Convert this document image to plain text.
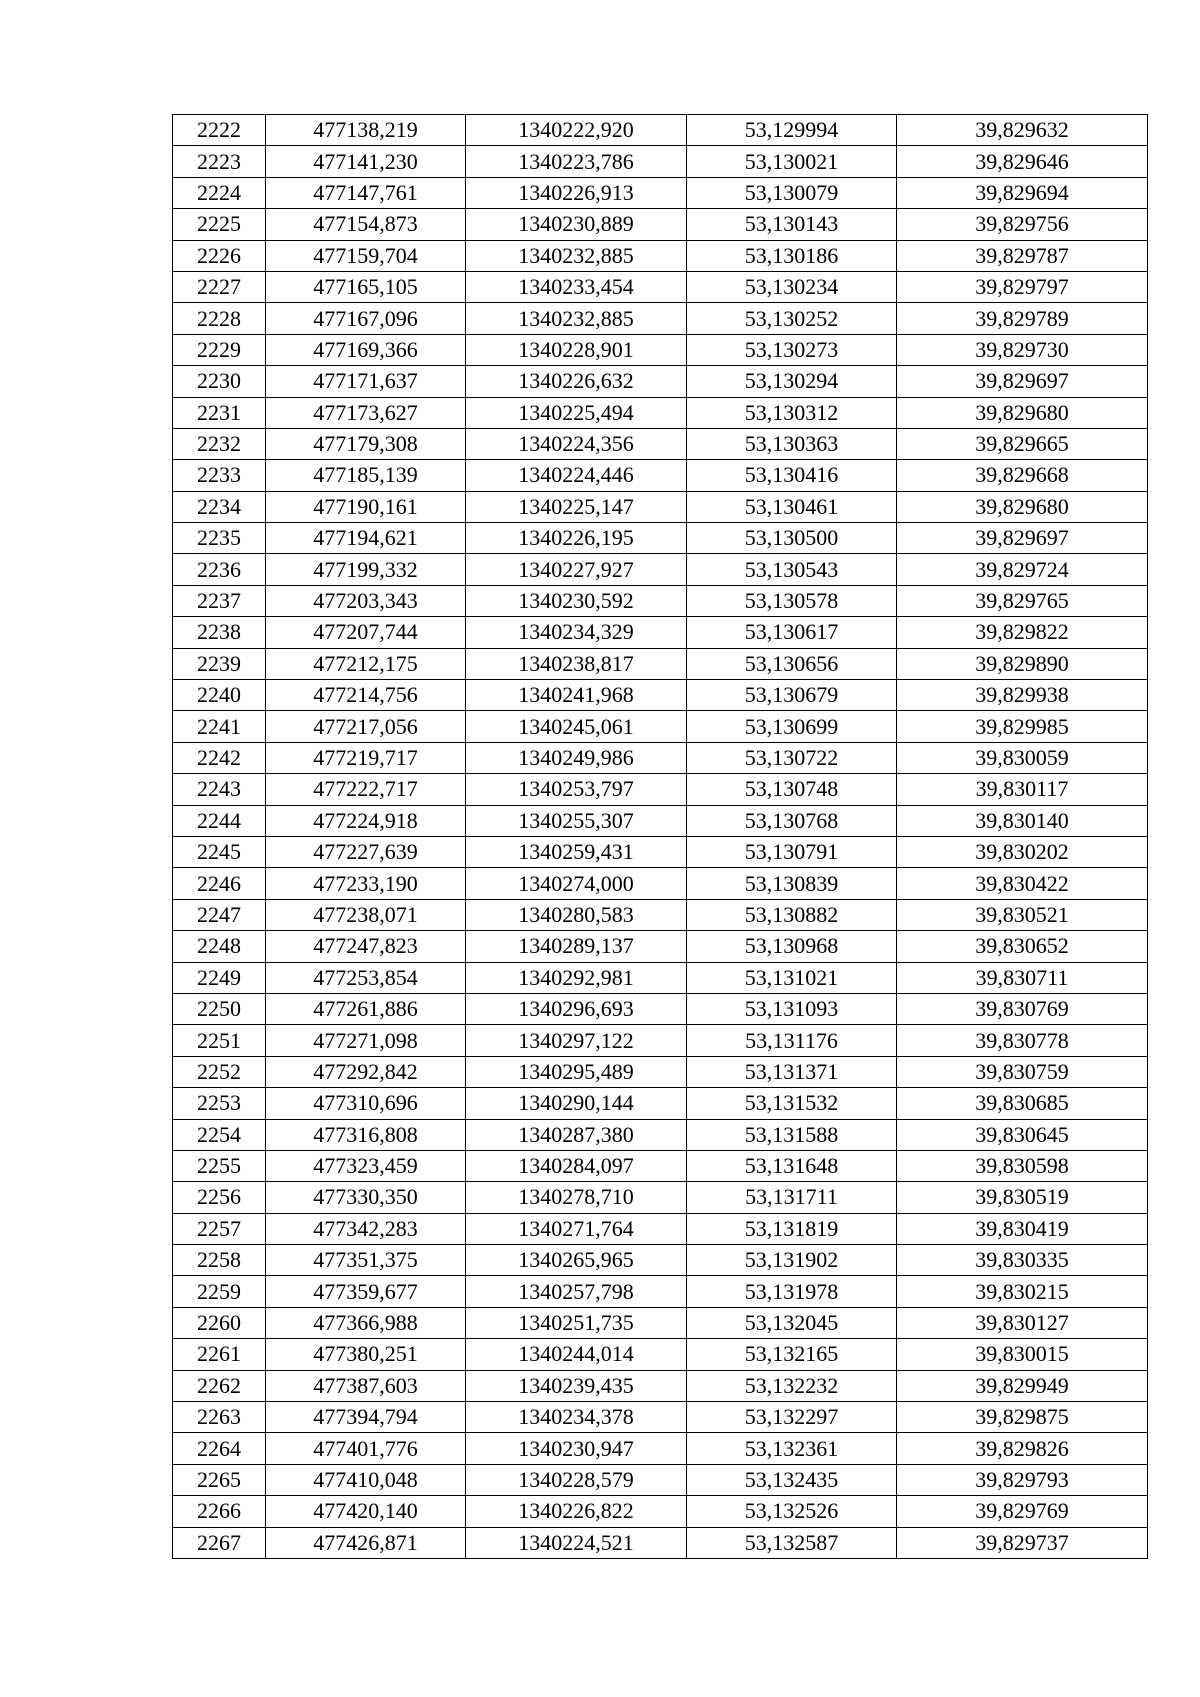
2222	477138,219	1340222,920	53,129994	39,829632
2223	477141,230	1340223,786	53,130021	39,829646
2224	477147,761	1340226,913	53,130079	39,829694
2225	477154,873	1340230,889	53,130143	39,829756
2226	477159,704	1340232,885	53,130186	39,829787
2227	477165,105	1340233,454	53,130234	39,829797
2228	477167,096	1340232,885	53,130252	39,829789
2229	477169,366	1340228,901	53,130273	39,829730
2230	477171,637	1340226,632	53,130294	39,829697
2231	477173,627	1340225,494	53,130312	39,829680
2232	477179,308	1340224,356	53,130363	39,829665
2233	477185,139	1340224,446	53,130416	39,829668
2234	477190,161	1340225,147	53,130461	39,829680
2235	477194,621	1340226,195	53,130500	39,829697
2236	477199,332	1340227,927	53,130543	39,829724
2237	477203,343	1340230,592	53,130578	39,829765
2238	477207,744	1340234,329	53,130617	39,829822
2239	477212,175	1340238,817	53,130656	39,829890
2240	477214,756	1340241,968	53,130679	39,829938
2241	477217,056	1340245,061	53,130699	39,829985
2242	477219,717	1340249,986	53,130722	39,830059
2243	477222,717	1340253,797	53,130748	39,830117
2244	477224,918	1340255,307	53,130768	39,830140
2245	477227,639	1340259,431	53,130791	39,830202
2246	477233,190	1340274,000	53,130839	39,830422
2247	477238,071	1340280,583	53,130882	39,830521
2248	477247,823	1340289,137	53,130968	39,830652
2249	477253,854	1340292,981	53,131021	39,830711
2250	477261,886	1340296,693	53,131093	39,830769
2251	477271,098	1340297,122	53,131176	39,830778
2252	477292,842	1340295,489	53,131371	39,830759
2253	477310,696	1340290,144	53,131532	39,830685
2254	477316,808	1340287,380	53,131588	39,830645
2255	477323,459	1340284,097	53,131648	39,830598
2256	477330,350	1340278,710	53,131711	39,830519
2257	477342,283	1340271,764	53,131819	39,830419
2258	477351,375	1340265,965	53,131902	39,830335
2259	477359,677	1340257,798	53,131978	39,830215
2260	477366,988	1340251,735	53,132045	39,830127
2261	477380,251	1340244,014	53,132165	39,830015
2262	477387,603	1340239,435	53,132232	39,829949
2263	477394,794	1340234,378	53,132297	39,829875
2264	477401,776	1340230,947	53,132361	39,829826
2265	477410,048	1340228,579	53,132435	39,829793
2266	477420,140	1340226,822	53,132526	39,829769
2267	477426,871	1340224,521	53,132587	39,829737
